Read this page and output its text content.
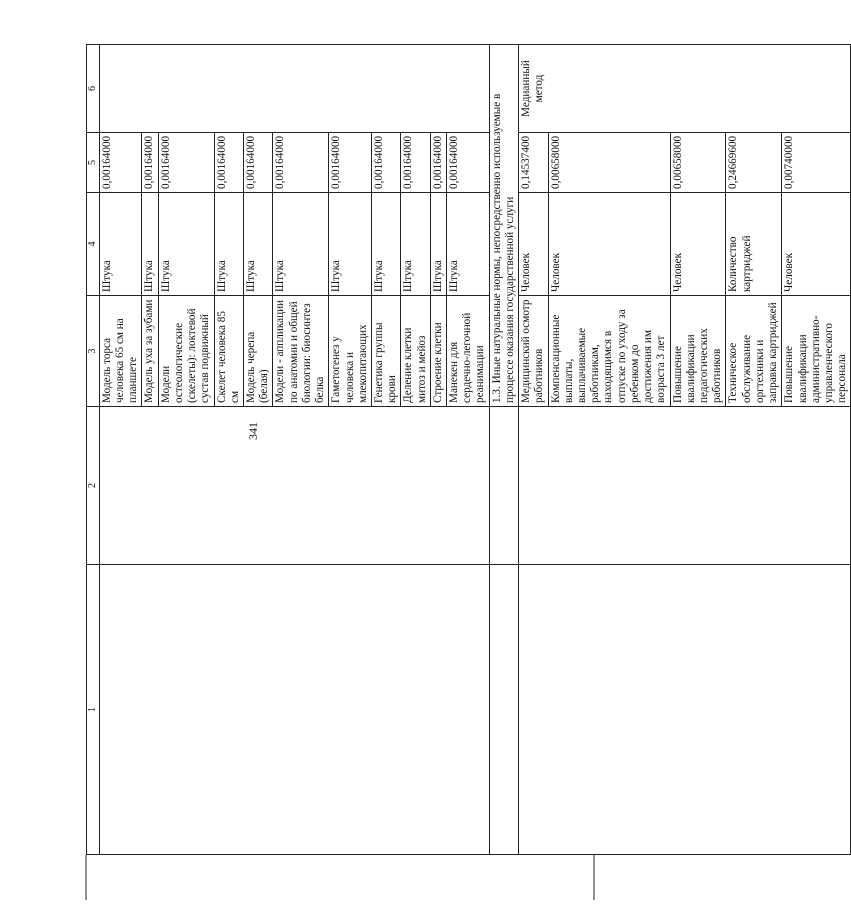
341
1	2	3	4	5	6
		Модель торса человека 65 см на планшете	Штука	0,00164000	
		Модель уха за зубами	Штука	0,00164000	
		Модели остеологические (скелеты): локтевой сустав подвижный	Штука	0,00164000	
		Скелет человека 85 см	Штука	0,00164000	
		Модель черепа (белая)	Штука	0,00164000	
		Модели - аппликации по анатомии и общей биологии: биосинтез белка	Штука	0,00164000	
		Гаметогенез у человека и млекопитающих	Штука	0,00164000	
		Генетика группы крови	Штука	0,00164000	
		Деление клетки митоз и мейоз	Штука	0,00164000	
		Строение клетки	Штука	0,00164000	
		Манекен для сердечно-легочной реанимации	Штука	0,00164000	
		1.3. Иные натуральные нормы, непосредственно используемые в процессе оказания государственной услуги			
		Медицинский осмотр работников	Человек	0,14537400	Медианный метод
		Компенсационные выплаты, выплачиваемые работникам, находящимся в отпуске по уходу за ребенком до достижения им возраста 3 лет	Человек	0,00658000	
		Повышение квалификации педагогических работников	Человек	0,00658000	
		Техническое обслуживание оргтехники и заправка картриджей	Количество картриджей	0,24669600	
		Повышение квалификации административно-управленческого персонала	Человек	0,00740000	
